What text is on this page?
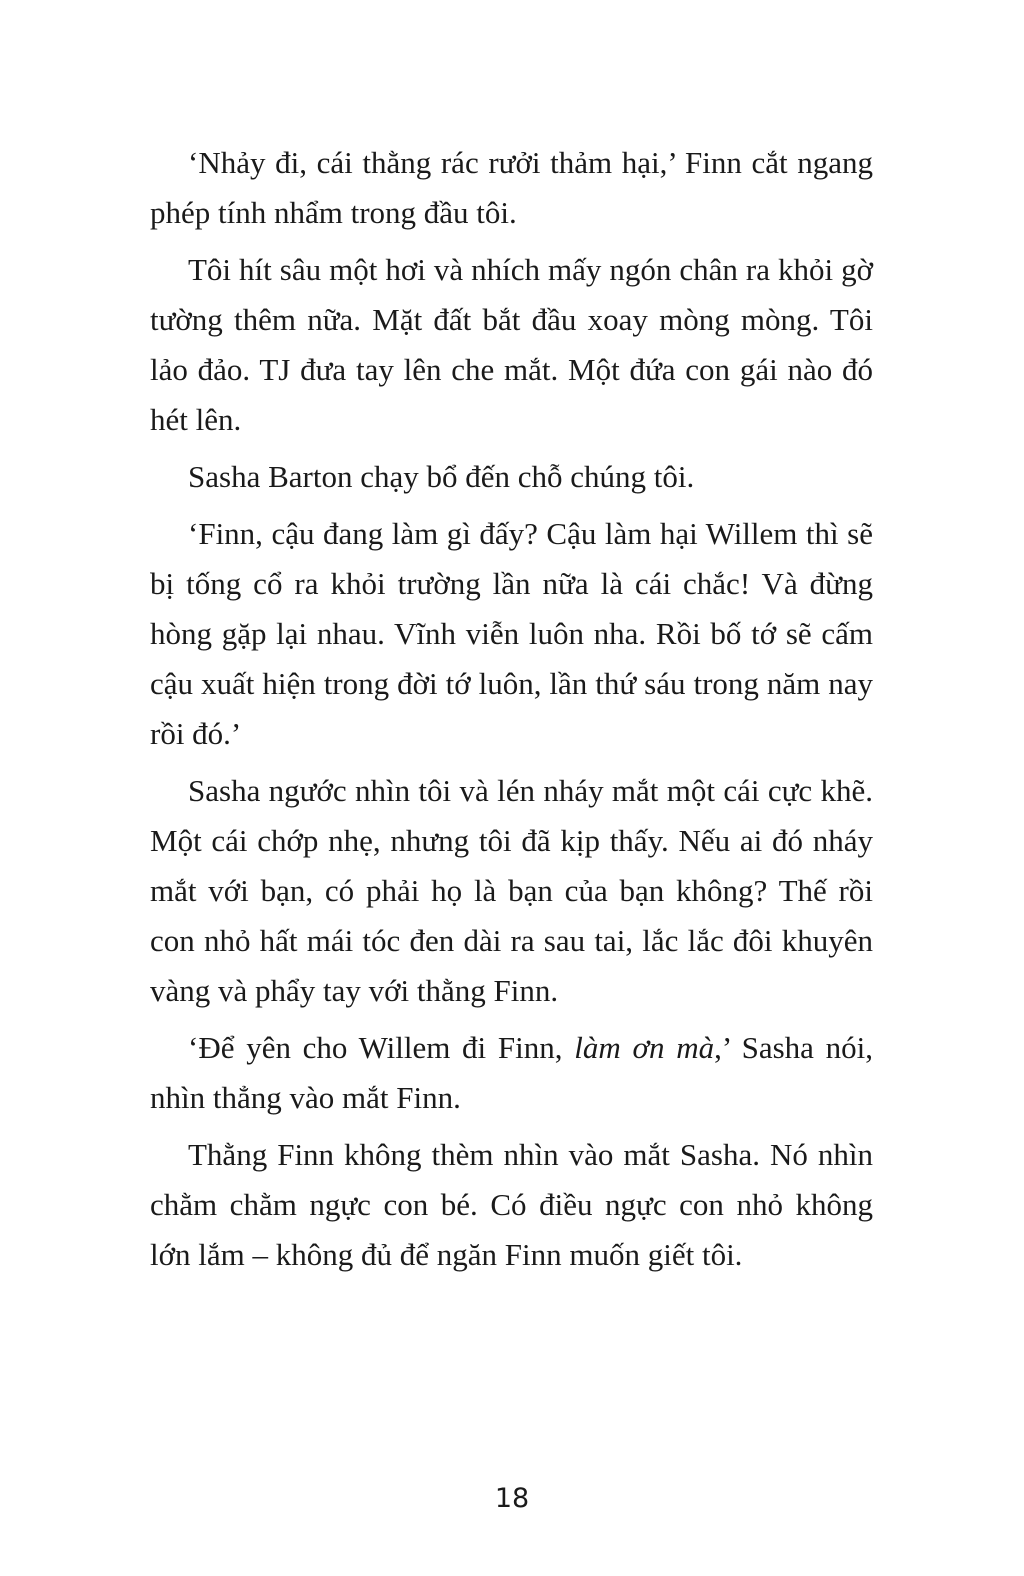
‘Nhảy đi, cái thằng rác rưởi thảm hại,’ Finn cắt ngang phép tính nhẩm trong đầu tôi.

Tôi hít sâu một hơi và nhích mấy ngón chân ra khỏi gờ tường thêm nữa. Mặt đất bắt đầu xoay mòng mòng. Tôi lảo đảo. TJ đưa tay lên che mắt. Một đứa con gái nào đó hét lên.

Sasha Barton chạy bổ đến chỗ chúng tôi.

‘Finn, cậu đang làm gì đấy? Cậu làm hại Willem thì sẽ bị tống cổ ra khỏi trường lần nữa là cái chắc! Và đừng hòng gặp lại nhau. Vĩnh viễn luôn nha. Rồi bố tớ sẽ cấm cậu xuất hiện trong đời tớ luôn, lần thứ sáu trong năm nay rồi đó.’

Sasha ngước nhìn tôi và lén nháy mắt một cái cực khẽ. Một cái chớp nhẹ, nhưng tôi đã kịp thấy. Nếu ai đó nháy mắt với bạn, có phải họ là bạn của bạn không? Thế rồi con nhỏ hất mái tóc đen dài ra sau tai, lắc lắc đôi khuyên vàng và phẩy tay với thằng Finn.

‘Để yên cho Willem đi Finn, làm ơn mà,’ Sasha nói, nhìn thẳng vào mắt Finn.

Thằng Finn không thèm nhìn vào mắt Sasha. Nó nhìn chằm chằm ngực con bé. Có điều ngực con nhỏ không lớn lắm – không đủ để ngăn Finn muốn giết tôi.

18
